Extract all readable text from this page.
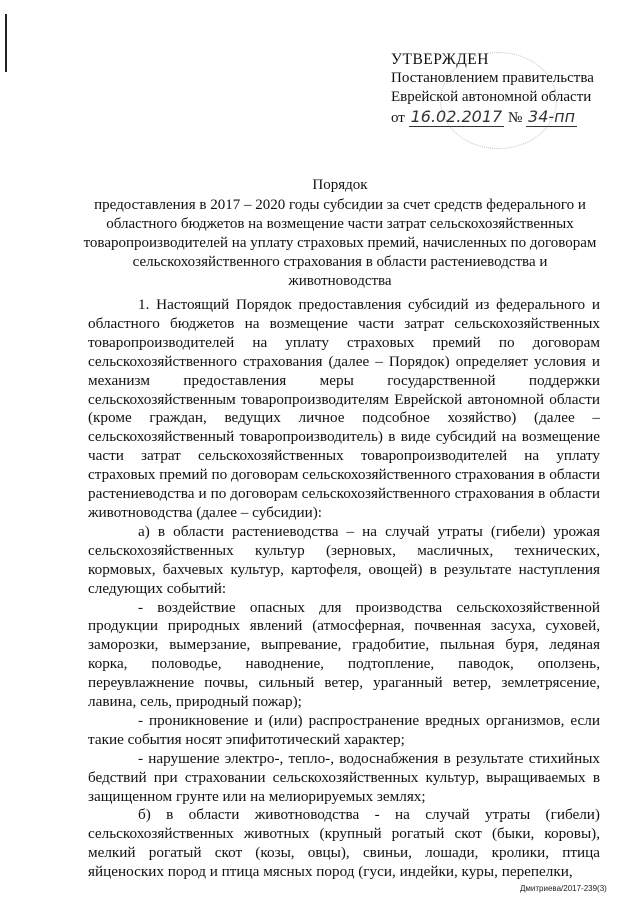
УТВЕРЖДЕН
Постановлением правительства
Еврейской автономной области
от 16.02.2017 № 34-пп
Порядок
предоставления в 2017 – 2020 годы субсидии за счет средств федерального и областного бюджетов на возмещение части затрат сельскохозяйственных товаропроизводителей на уплату страховых премий, начисленных по договорам сельскохозяйственного страхования в области растениеводства и животноводства

1. Настоящий Порядок предоставления субсидий из федерального и областного бюджетов на возмещение части затрат сельскохозяйственных товаропроизводителей на уплату страховых премий по договорам сельскохозяйственного страхования (далее – Порядок) определяет условия и механизм предоставления меры государственной поддержки сельскохозяйственным товаропроизводителям Еврейской автономной области (кроме граждан, ведущих личное подсобное хозяйство) (далее – сельскохозяйственный товаропроизводитель) в виде субсидий на возмещение части затрат сельскохозяйственных товаропроизводителей на уплату страховых премий по договорам сельскохозяйственного страхования в области растениеводства и по договорам сельскохозяйственного страхования в области животноводства (далее – субсидии):

а) в области растениеводства – на случай утраты (гибели) урожая сельскохозяйственных культур (зерновых, масличных, технических, кормовых, бахчевых культур, картофеля, овощей) в результате наступления следующих событий:

- воздействие опасных для производства сельскохозяйственной продукции природных явлений (атмосферная, почвенная засуха, суховей, заморозки, вымерзание, выпревание, градобитие, пыльная буря, ледяная корка, половодье, наводнение, подтопление, паводок, оползень, переувлажнение почвы, сильный ветер, ураганный ветер, землетрясение, лавина, сель, природный пожар);

- проникновение и (или) распространение вредных организмов, если такие события носят эпифитотический характер;

- нарушение электро-, тепло-, водоснабжения в результате стихийных бедствий при страховании сельскохозяйственных культур, выращиваемых в защищенном грунте или на мелиорируемых землях;

б) в области животноводства - на случай утраты (гибели) сельскохозяйственных животных (крупный рогатый скот (быки, коровы), мелкий рогатый скот (козы, овцы), свиньи, лошади, кролики, птица яйценоских пород и птица мясных пород (гуси, индейки, куры, перепелки,

Дмитриева/2017-239(3)
